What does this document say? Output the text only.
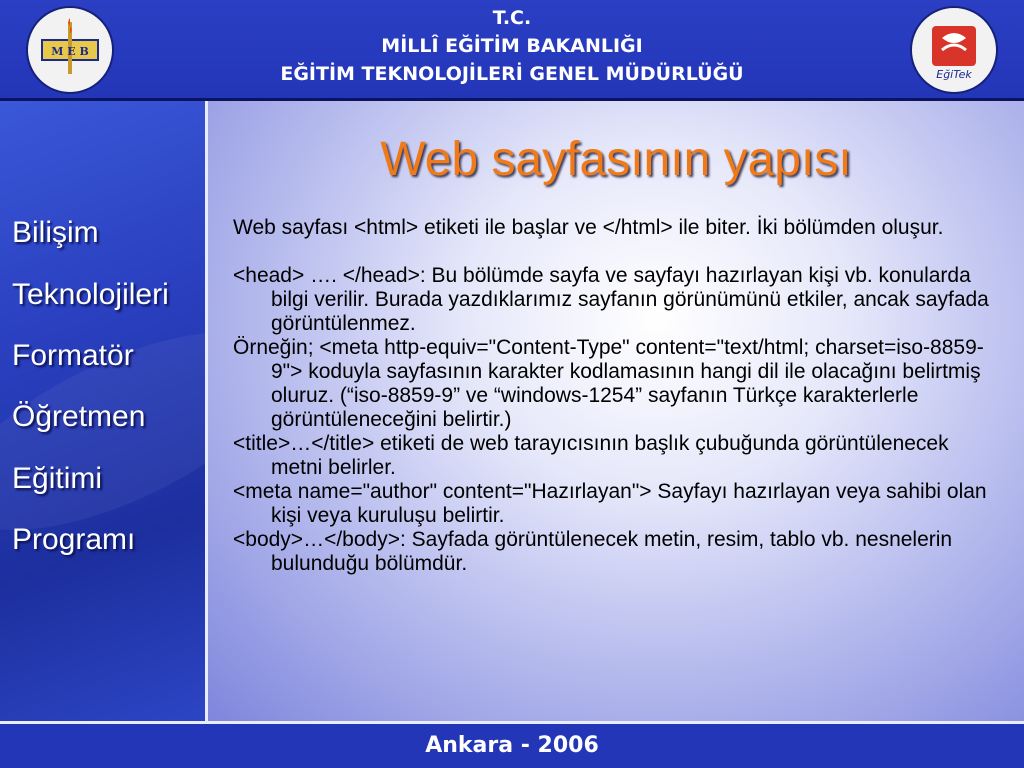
M E B
T.C.
MİLLÎ EĞİTİM BAKANLIĞI
EĞİTİM TEKNOLOJİLERİ GENEL MÜDÜRLÜĞÜ	EğiTek
Bilişim
Teknolojileri
Formatör
Öğretmen
Eğitimi
Programı
Web sayfasının yapısı

Web sayfası <html> etiketi ile başlar ve </html> ile biter. İki bölümden oluşur.

<head> …. </head>: Bu bölümde sayfa ve sayfayı hazırlayan kişi vb. konularda bilgi verilir. Burada yazdıklarımız sayfanın görünümünü etkiler, ancak sayfada görüntülenmez.

Örneğin; <meta http-equiv="Content-Type" content="text/html; charset=iso-8859-9"> koduyla sayfasının karakter kodlamasının hangi dil ile olacağını belirtmiş oluruz. (“iso-8859-9” ve “windows-1254” sayfanın Türkçe karakterlerle görüntüleneceğini belirtir.)

<title>…</title> etiketi de web tarayıcısının başlık çubuğunda görüntülenecek metni belirler.

<meta name="author" content="Hazırlayan"> Sayfayı hazırlayan veya sahibi olan kişi veya kuruluşu belirtir.

<body>…</body>: Sayfada görüntülenecek metin, resim, tablo vb. nesnelerin bulunduğu bölümdür.

Ankara - 2006
